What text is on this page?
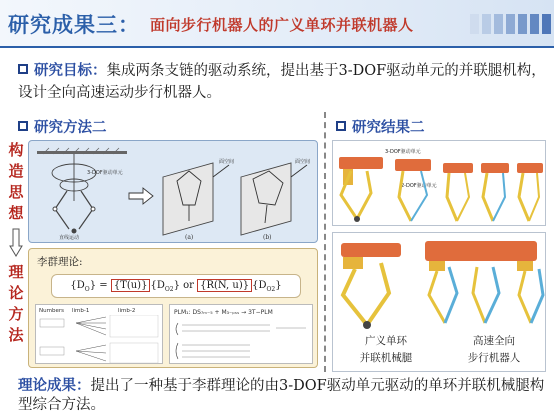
研究成果三： 面向步行机器人的广义单环并联机器人
研究目标：集成两条支链的驱动系统，提出基于3-DOF驱动单元的并联腿机构，设计全向高速运动步行机器人。
研究方法二	研究结果二
构
造
思
想
理
论
方
法
3-DOF驱动单元
直线运动
面空间
(a)
面空间
(b)
李群理论:
$\{D_O\} = \{T(u)\}$ $\{D_{O2}\}$ or {R(N, u)} $\{D_{O2}\}$
Numbers limb-1	limb-2	PLM₁: DS₇ₘ₋₅ + M₃₋ₚₛₛ → 3T−PLM
3-DOF驱动单元
2-DOF驱动单元
广义单环
并联机械腿
高速全向
步行机器人
理论成果：提出了一种基于李群理论的由3-DOF驱动单元驱动的单环并联机械腿构型综合方法。
